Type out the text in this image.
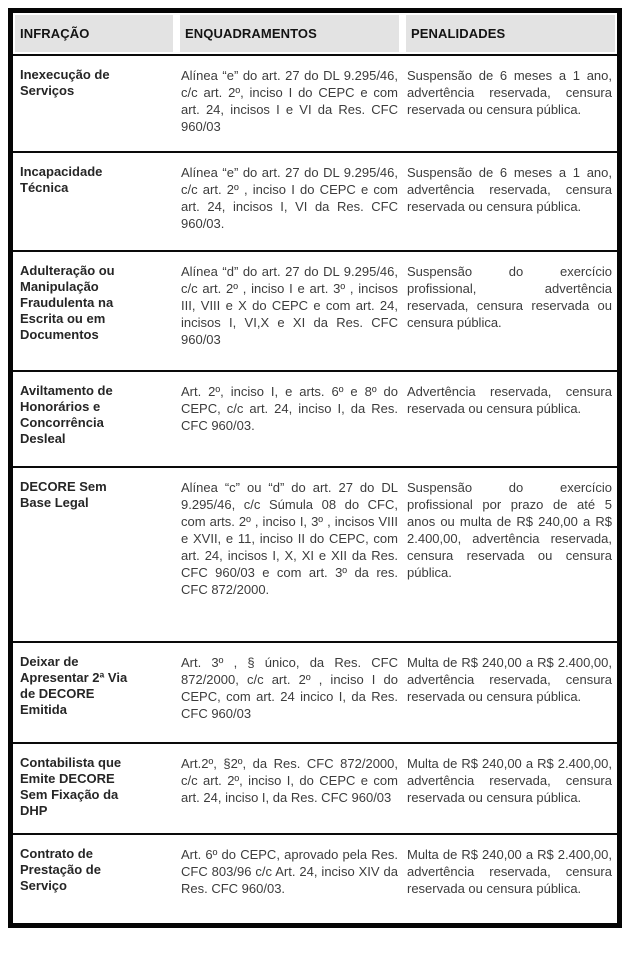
INFRAÇÃO	ENQUADRAMENTOS	PENALIDADES
Inexecução de Serviços
Alínea “e” do art. 27 do DL 9.295/46, c/c art. 2º, inciso I do CEPC e com art. 24, incisos I e VI da Res. CFC 960/03
Suspensão de 6 meses a 1 ano, advertência reservada, censura reservada ou censura pública.
Incapacidade Técnica
Alínea “e” do art. 27 do DL 9.295/46, c/c art. 2º , inciso I do CEPC e com art. 24, incisos I, VI da Res. CFC 960/03.
Suspensão de 6 meses a 1 ano, advertência reservada, censura reservada ou censura pública.
Adulteração ou Manipulação Fraudulenta na Escrita ou em Documentos
Alínea “d” do art. 27 do DL 9.295/46, c/c art. 2º , inciso I e art. 3º , incisos III, VIII e X do CEPC e com art. 24, incisos I, VI,X e XI da Res. CFC 960/03
Suspensão do exercício profissional, advertência reservada, censura reservada ou censura pública.
Aviltamento de Honorários e Concorrência Desleal
Art. 2º, inciso I, e arts. 6º e 8º do CEPC, c/c art. 24, inciso I, da Res. CFC 960/03.
Advertência reservada, censura reservada ou censura pública.
DECORE Sem Base Legal
Alínea “c” ou “d” do art. 27 do DL 9.295/46, c/c Súmula 08 do CFC, com arts. 2º , inciso I, 3º , incisos VIII e XVII, e 11, inciso II do CEPC, com art. 24, incisos I, X, XI e XII da Res. CFC 960/03 e com art. 3º da res. CFC 872/2000.
Suspensão do exercício profissional por prazo de até 5 anos ou multa de R$ 240,00 a R$ 2.400,00, advertência reservada, censura reservada ou censura pública.
Deixar de Apresentar 2ª Via de DECORE Emitida
Art. 3º , § único, da Res. CFC 872/2000, c/c art. 2º , inciso I do CEPC, com art. 24 incico I, da Res. CFC 960/03
Multa de R$ 240,00 a R$ 2.400,00, advertência reservada, censura reservada ou censura pública.
Contabilista que Emite DECORE Sem Fixação da DHP
Art.2º, §2º, da Res. CFC 872/2000, c/c art. 2º, inciso I, do CEPC e com art. 24, inciso I, da Res. CFC 960/03
Multa de R$ 240,00 a R$ 2.400,00, advertência reservada, censura reservada ou censura pública.
Contrato de Prestação de Serviço
Art. 6º do CEPC, aprovado pela Res. CFC 803/96 c/c Art. 24, inciso XIV da Res. CFC 960/03.
Multa de R$ 240,00 a R$ 2.400,00, advertência reservada, censura reservada ou censura pública.
